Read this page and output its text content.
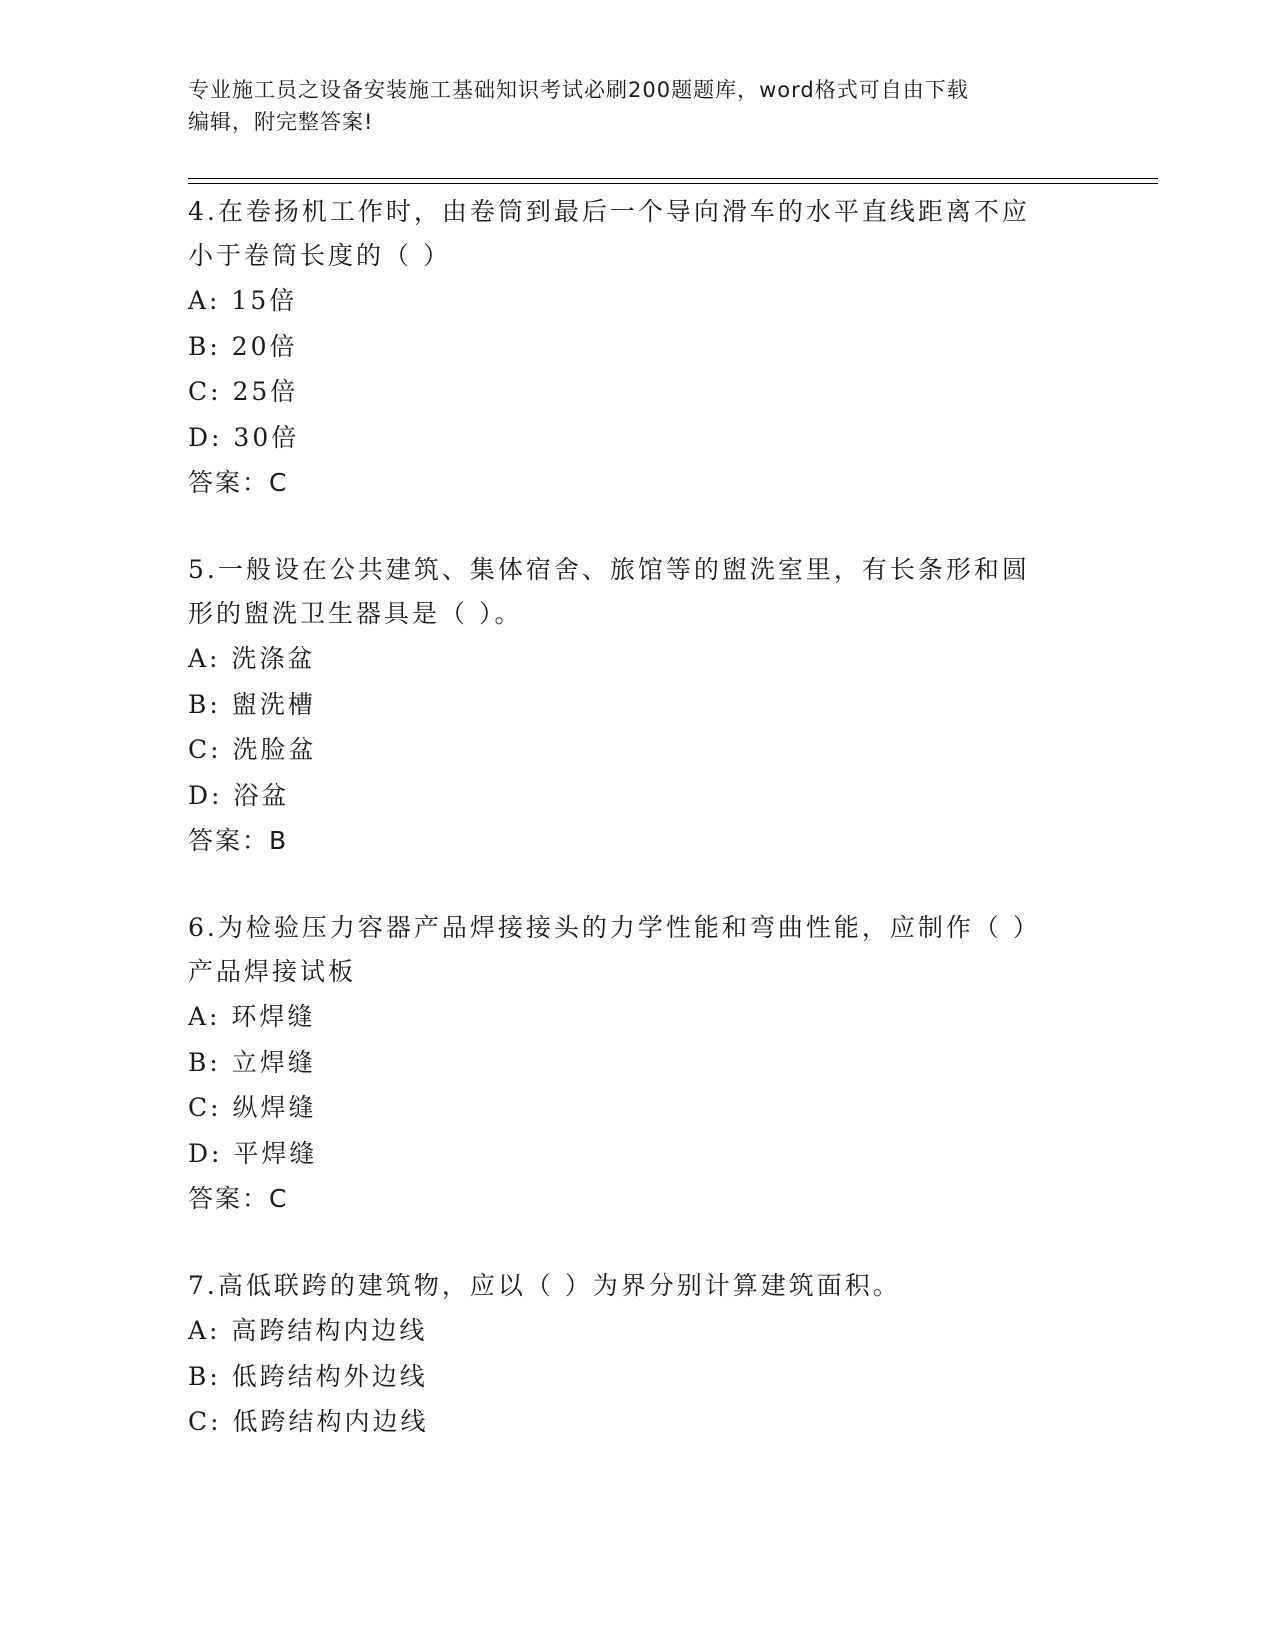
专业施工员之设备安装施工基础知识考试必刷200题题库，word格式可自由下载
编辑，附完整答案!
4.在卷扬机工作时，由卷筒到最后一个导向滑车的水平直线距离不应
小于卷筒长度的（ ）
A: 15倍
B: 20倍
C: 25倍
D: 30倍
答案：C
5.一般设在公共建筑、集体宿舍、旅馆等的盥洗室里，有长条形和圆
形的盥洗卫生器具是（ ）。
A: 洗涤盆
B: 盥洗槽
C: 洗脸盆
D: 浴盆
答案：B
6.为检验压力容器产品焊接接头的力学性能和弯曲性能，应制作（ ）
产品焊接试板
A: 环焊缝
B: 立焊缝
C: 纵焊缝
D: 平焊缝
答案：C
7.高低联跨的建筑物，应以（ ）为界分别计算建筑面积。
A: 高跨结构内边线
B: 低跨结构外边线
C: 低跨结构内边线
